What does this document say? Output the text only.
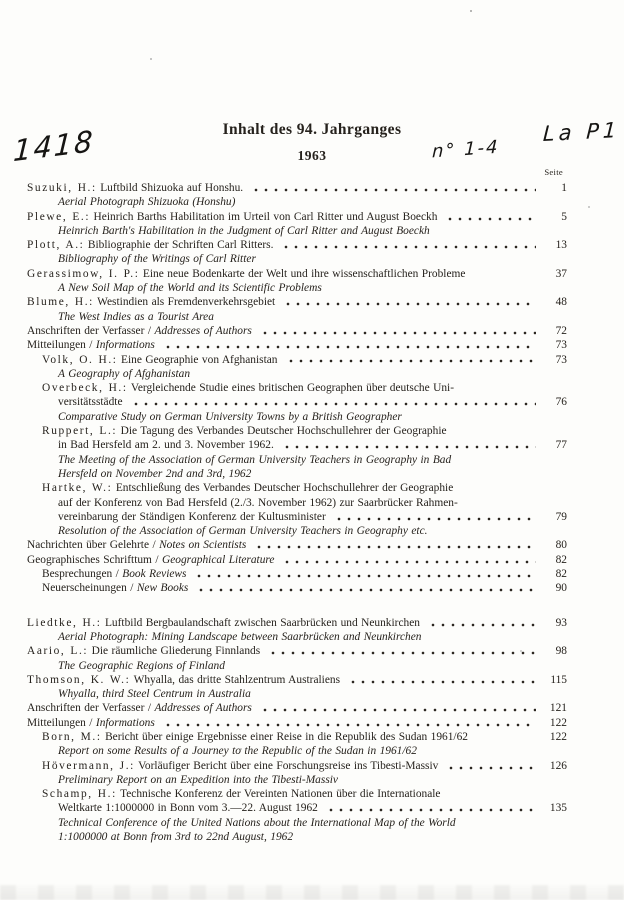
1418	n° 1-4
La P1
Inhalt des 94. Jahrganges
1963
Seite
Suzuki, H.: Luftbild Shizuoka auf Honshu.	1
Aerial Photograph Shizuoka (Honshu)
Plewe, E.: Heinrich Barths Habilitation im Urteil von Carl Ritter und August Boeckh	5
Heinrich Barth's Habilitation in the Judgment of Carl Ritter and August Boeckh
Plott, A.: Bibliographie der Schriften Carl Ritters.	13
Bibliography of the Writings of Carl Ritter
Gerassimow, I. P.: Eine neue Bodenkarte der Welt und ihre wissenschaftlichen Probleme	37
A New Soil Map of the World and its Scientific Problems
Blume, H.: Westindien als Fremdenverkehrsgebiet	48
The West Indies as a Tourist Area
Anschriften der Verfasser / Addresses of Authors	72
Mitteilungen / Informations	73
Volk, O. H.: Eine Geographie von Afghanistan	73
A Geography of Afghanistan
Overbeck, H.: Vergleichende Studie eines britischen Geographen über deutsche Uni-
versitätsstädte	76
Comparative Study on German University Towns by a British Geographer
Ruppert, L.: Die Tagung des Verbandes Deutscher Hochschullehrer der Geographie
in Bad Hersfeld am 2. und 3. November 1962.	77
The Meeting of the Association of German University Teachers in Geography in Bad
Hersfeld on November 2nd and 3rd, 1962
Hartke, W.: Entschließung des Verbandes Deutscher Hochschullehrer der Geographie
auf der Konferenz von Bad Hersfeld (2./3. November 1962) zur Saarbrücker Rahmen-
vereinbarung der Ständigen Konferenz der Kultusminister	79
Resolution of the Association of German University Teachers in Geography etc.
Nachrichten über Gelehrte / Notes on Scientists	80
Geographisches Schrifttum / Geographical Literature	82
Besprechungen / Book Reviews	82
Neuerscheinungen / New Books	90
Liedtke, H.: Luftbild Bergbaulandschaft zwischen Saarbrücken und Neunkirchen	93
Aerial Photograph: Mining Landscape between Saarbrücken and Neunkirchen
Aario, L.: Die räumliche Gliederung Finnlands	98
The Geographic Regions of Finland
Thomson, K. W.: Whyalla, das dritte Stahlzentrum Australiens	115
Whyalla, third Steel Centrum in Australia
Anschriften der Verfasser / Addresses of Authors	121
Mitteilungen / Informations	122
Born, M.: Bericht über einige Ergebnisse einer Reise in die Republik des Sudan 1961/62	122
Report on some Results of a Journey to the Republic of the Sudan in 1961/62
Hövermann, J.: Vorläufiger Bericht über eine Forschungsreise ins Tibesti-Massiv	126
Preliminary Report on an Expedition into the Tibesti-Massiv
Schamp, H.: Technische Konferenz der Vereinten Nationen über die Internationale
Weltkarte 1:1000000 in Bonn vom 3.—22. August 1962	135
Technical Conference of the United Nations about the International Map of the World
1:1000000 at Bonn from 3rd to 22nd August, 1962
